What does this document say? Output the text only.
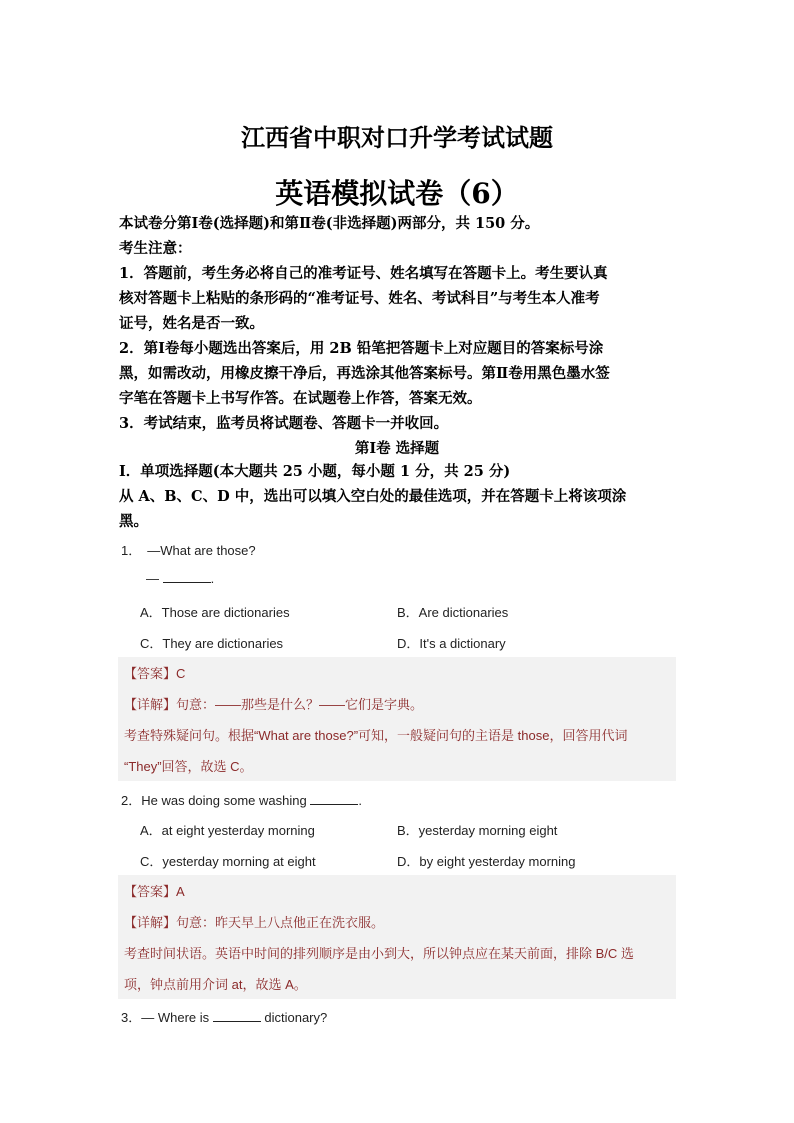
江西省中职对口升学考试试题
英语模拟试卷（6）
本试卷分第Ⅰ卷(选择题)和第Ⅱ卷(非选择题)两部分，共 150 分。
考生注意：
1．答题前，考生务必将自己的准考证号、姓名填写在答题卡上。考生要认真
核对答题卡上粘贴的条形码的“准考证号、姓名、考试科目”与考生本人准考
证号，姓名是否一致。
2．第Ⅰ卷每小题选出答案后，用 2B 铅笔把答题卡上对应题目的答案标号涂
黑，如需改动，用橡皮擦干净后，再选涂其他答案标号。第Ⅱ卷用黑色墨水签
字笔在答题卡上书写作答。在试题卷上作答，答案无效。
3．考试结束，监考员将试题卷、答题卡一并收回。
第Ⅰ卷 选择题
Ⅰ．单项选择题(本大题共 25 小题，每小题 1 分，共 25 分)
从 A、B、C、D 中，选出可以填入空白处的最佳选项，并在答题卡上将该项涂
黑。
1． —What are those?
—	.
A．Those are dictionaries	B．Are dictionaries
C．They are dictionaries	D．It's a dictionary
【答案】C
【详解】句意：——那些是什么？——它们是字典。
考查特殊疑问句。根据“What are those?”可知，一般疑问句的主语是 those，回答用代词
“They”回答，故选 C。
2．He was doing some washing	.
A．at eight yesterday morning	B．yesterday morning eight
C．yesterday morning at eight	D．by eight yesterday morning
【答案】A
【详解】句意：昨天早上八点他正在洗衣服。
考查时间状语。英语中时间的排列顺序是由小到大，所以钟点应在某天前面，排除 B/C 选
项，钟点前用介词 at，故选 A。
3．— Where is	dictionary?
